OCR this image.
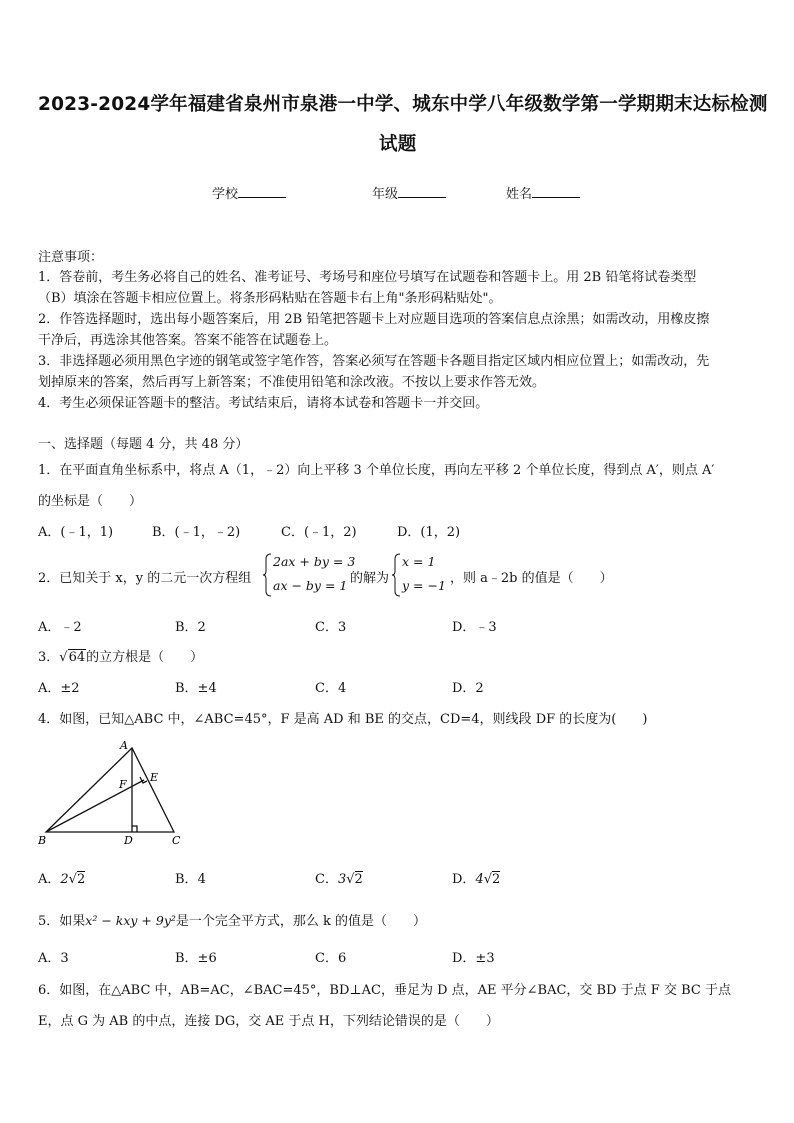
2023-2024学年福建省泉州市泉港一中学、城东中学八年级数学第一学期期末达标检测
试题
学校	年级	姓名
注意事项：
1．答卷前，考生务必将自己的姓名、准考证号、考场号和座位号填写在试题卷和答题卡上。用 2B 铅笔将试卷类型
（B）填涂在答题卡相应位置上。将条形码粘贴在答题卡右上角"条形码粘贴处"。
2．作答选择题时，选出每小题答案后，用 2B 铅笔把答题卡上对应题目选项的答案信息点涂黑；如需改动，用橡皮擦
干净后，再选涂其他答案。答案不能答在试题卷上。
3．非选择题必须用黑色字迹的钢笔或签字笔作答，答案必须写在答题卡各题目指定区域内相应位置上；如需改动，先
划掉原来的答案，然后再写上新答案；不准使用铅笔和涂改液。不按以上要求作答无效。
4．考生必须保证答题卡的整洁。考试结束后，请将本试卷和答题卡一并交回。
一、选择题（每题 4 分，共 48 分）
1．在平面直角坐标系中，将点 A（1，﹣2）向上平移 3 个单位长度，再向左平移 2 个单位长度，得到点 A′，则点 A′
的坐标是（　　）
A．(﹣1，1)	B．(﹣1，﹣2)	C．(﹣1，2)	D．(1，2)
2．已知关于 x，y 的二元一次方程组
2ax + by = 3
ax − by = 1 的解为
x = 1
y = −1 ，则 a﹣2b 的值是（　　）
A．﹣2	B．2	C．3	D．﹣3
3．√64的立方根是（　　）
A．±2	B．±4	C．4	D．2
4．如图，已知△ABC 中，∠ABC=45°，F 是高 AD 和 BE 的交点，CD=4，则线段 DF 的长度为(　　)
A
B	C
D
E
F
A．2√2	B．4	C．3√2	D．4√2
5．如果x² − kxy + 9y²是一个完全平方式，那么 k 的值是（　　）
A．3	B．±6	C．6	D．±3
6．如图，在△ABC 中，AB=AC，∠BAC=45°，BD⊥AC，垂足为 D 点，AE 平分∠BAC，交 BD 于点 F 交 BC 于点
E，点 G 为 AB 的中点，连接 DG，交 AE 于点 H，下列结论错误的是（　　）
